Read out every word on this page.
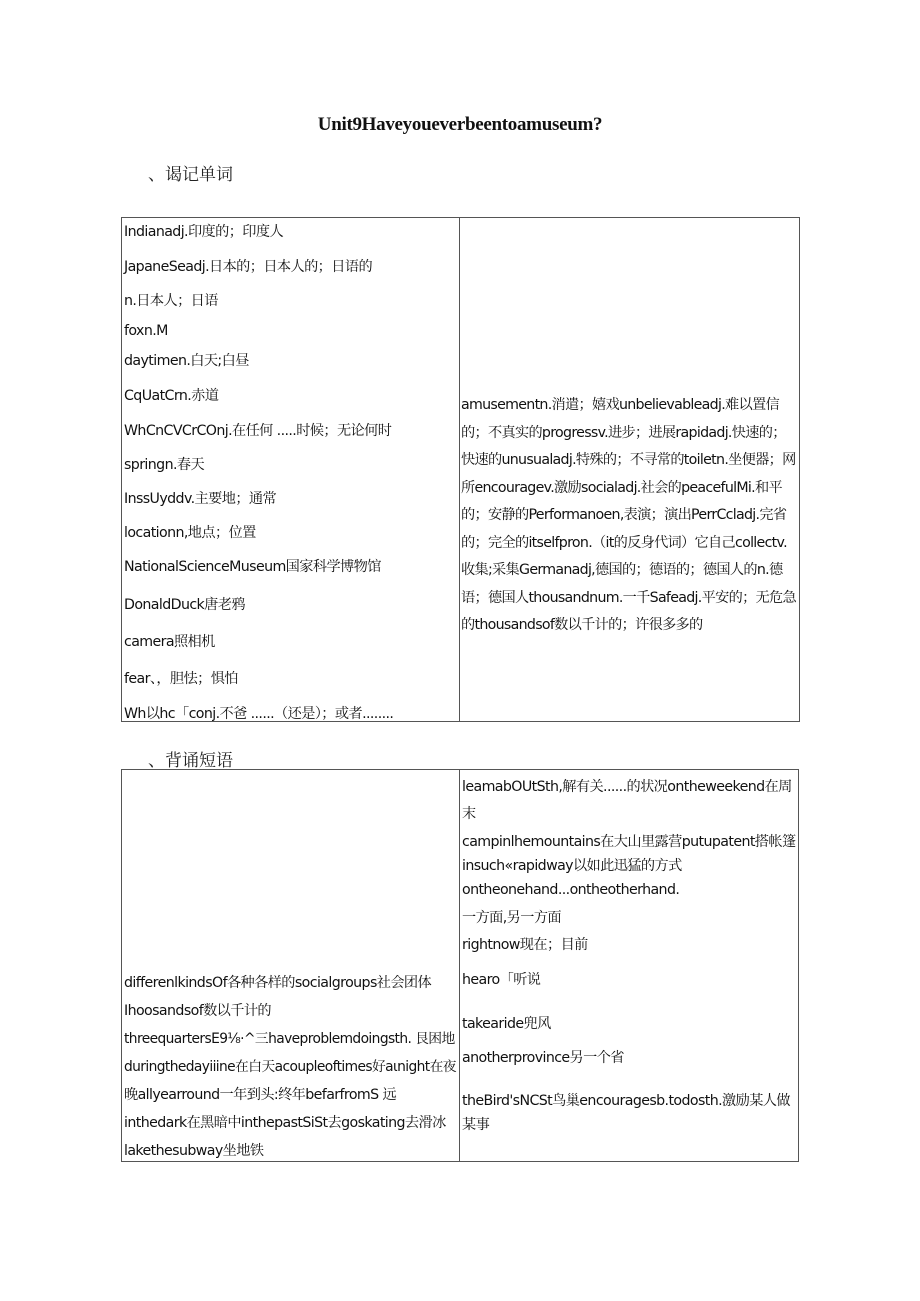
Unit9Haveyoueverbeentoamuseum?
、谒记单词
Indianadj.印度的；印度人
JapaneSeadj.日本的；日本人的；日语的
n.日本人；日语
foxn.M
daytimen.白天;白昼
CqUatCrn.赤道
WhCnCVCrCOnj.在任何 .....时候；无论何时
springn.春天
InssUyddv.主要地；通常
locationn,地点；位置
NationalScienceMuseum国家科学博物馆
DonaldDuck唐老鸦
camera照相机
fear、，胆怯；惧怕
Wh以hc「conj.不爸 ......（还是）；或者........

amusementn.消遣；嬉戏unbelievableadj.难以置信的；不真实的progressv.进步；进展rapidadj.快速的；快速的unusualadj.特殊的；不寻常的toiletn.坐便器；网所encouragev.激励socialadj.社会的peacefulMi.和平的；安静的Performanoen,表演；演出PerrCcladj.完省的；完全的itselfpron.（it的反身代词）它自己collectv.收集;采集Germanadj,德国的；德语的；德国人的n.德语；德国人thousandnum.一千Safeadj.平安的；无危急的thousandsof数以千计的；许很多多的
、背诵短语
differenlkindsOf各种各样的socialgroups社会团体
Ihoosandsof数以千计的
threequartersE9⅛·^三haveproblemdoingsth. 艮困地
duringthedayiiine在白天acoupleoftimes好aιnight在夜
晚allyearround一年到头:终年befarfromS 远
inthedark在黑暗中inthepastSiSt去goskating去滑冰
lakethesubway坐地铁

leamabOUtSth,解有关......的状况ontheweekend在周
末
campinlhemountains在大山里露营putupatent搭帐篷
insuch«rapidway以如此迅猛的方式
ontheonehand...ontheotherhand.
一方面,另一方面
rightnow现在；目前
hearo「听说
takearide兜风
anotherprovince另一个省
theBird'sNCSt鸟巢encouragesb.todosth.激励某人做
某事
